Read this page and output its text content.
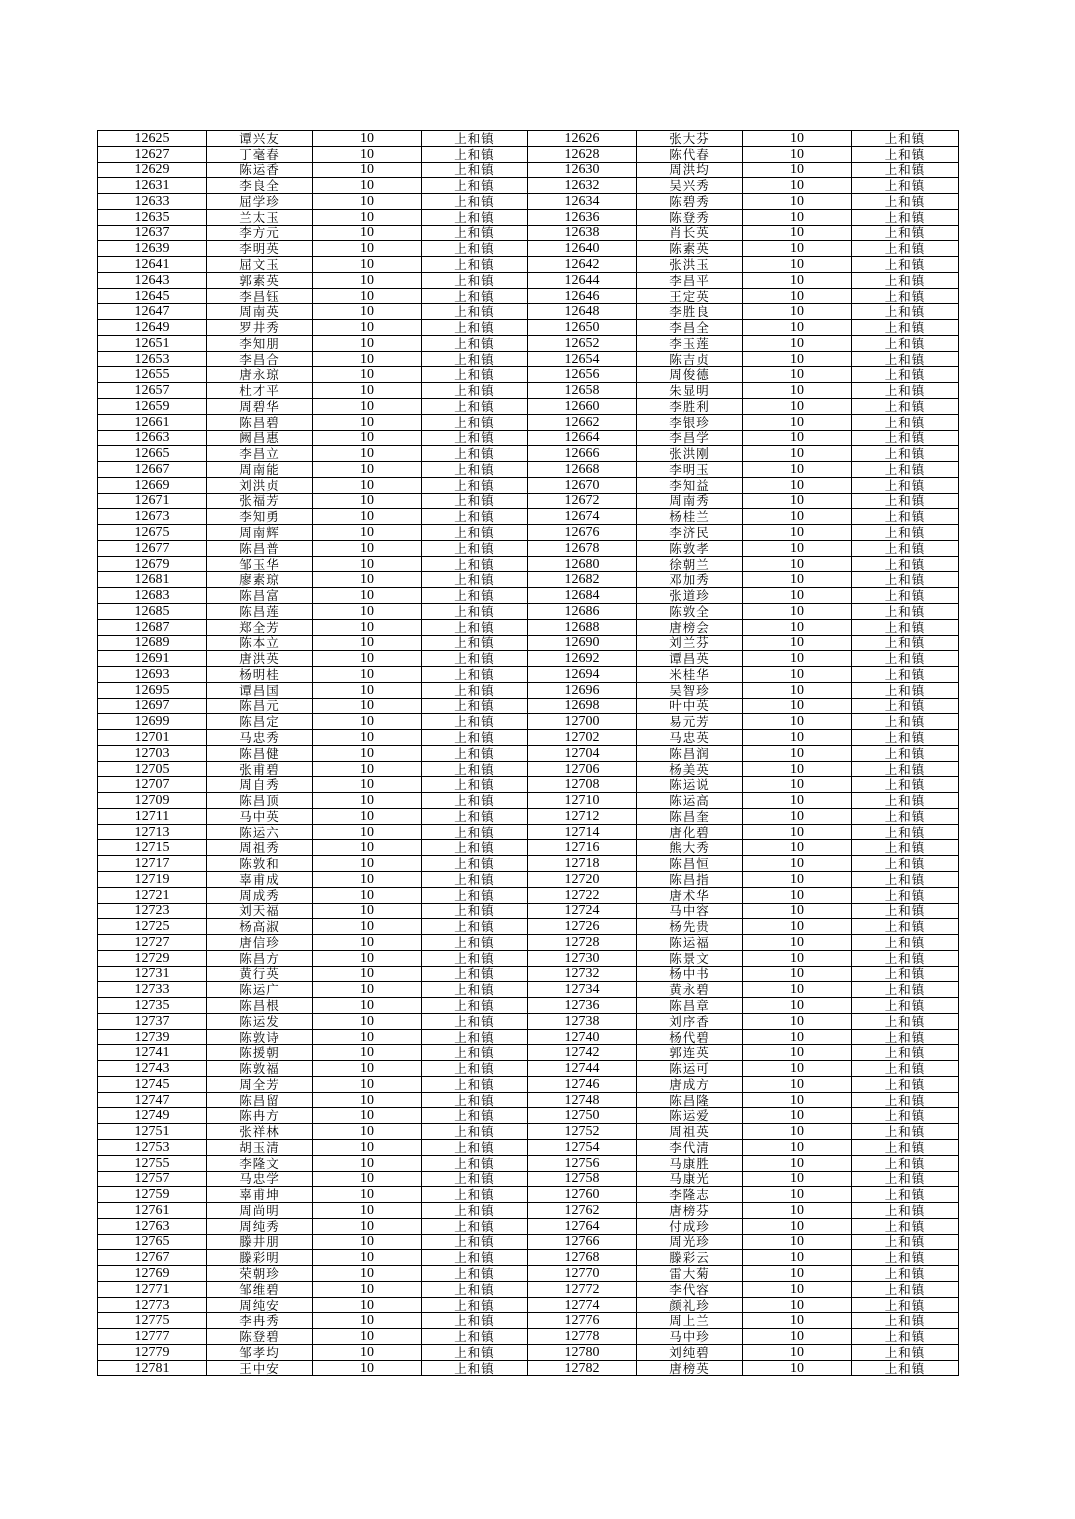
12625	谭兴友	10	上和镇	12626	张大芬	10	上和镇
12627	丁毫春	10	上和镇	12628	陈代春	10	上和镇
12629	陈运香	10	上和镇	12630	周洪均	10	上和镇
12631	李良全	10	上和镇	12632	吴兴秀	10	上和镇
12633	屈学珍	10	上和镇	12634	陈碧秀	10	上和镇
12635	兰太玉	10	上和镇	12636	陈登秀	10	上和镇
12637	李方元	10	上和镇	12638	肖长英	10	上和镇
12639	李明英	10	上和镇	12640	陈素英	10	上和镇
12641	屈文玉	10	上和镇	12642	张洪玉	10	上和镇
12643	郭素英	10	上和镇	12644	李昌平	10	上和镇
12645	李昌钰	10	上和镇	12646	王定英	10	上和镇
12647	周南英	10	上和镇	12648	李胜良	10	上和镇
12649	罗井秀	10	上和镇	12650	李昌全	10	上和镇
12651	李知朋	10	上和镇	12652	李玉莲	10	上和镇
12653	李昌合	10	上和镇	12654	陈吉贞	10	上和镇
12655	唐永琼	10	上和镇	12656	周俊德	10	上和镇
12657	杜才平	10	上和镇	12658	朱显明	10	上和镇
12659	周碧华	10	上和镇	12660	李胜利	10	上和镇
12661	陈昌碧	10	上和镇	12662	李银珍	10	上和镇
12663	阙昌惠	10	上和镇	12664	李昌学	10	上和镇
12665	李昌立	10	上和镇	12666	张洪刚	10	上和镇
12667	周南能	10	上和镇	12668	李明玉	10	上和镇
12669	刘洪贞	10	上和镇	12670	李知益	10	上和镇
12671	张福芳	10	上和镇	12672	周南秀	10	上和镇
12673	李知勇	10	上和镇	12674	杨桂兰	10	上和镇
12675	周南辉	10	上和镇	12676	李济民	10	上和镇
12677	陈昌普	10	上和镇	12678	陈敦孝	10	上和镇
12679	邹玉华	10	上和镇	12680	徐朝兰	10	上和镇
12681	廖素琼	10	上和镇	12682	邓加秀	10	上和镇
12683	陈昌富	10	上和镇	12684	张道珍	10	上和镇
12685	陈昌莲	10	上和镇	12686	陈敦全	10	上和镇
12687	郑全芳	10	上和镇	12688	唐榜会	10	上和镇
12689	陈本立	10	上和镇	12690	刘兰芬	10	上和镇
12691	唐洪英	10	上和镇	12692	谭昌英	10	上和镇
12693	杨明桂	10	上和镇	12694	米桂华	10	上和镇
12695	谭昌国	10	上和镇	12696	吴智珍	10	上和镇
12697	陈昌元	10	上和镇	12698	叶中英	10	上和镇
12699	陈昌定	10	上和镇	12700	易元芳	10	上和镇
12701	马忠秀	10	上和镇	12702	马忠英	10	上和镇
12703	陈昌健	10	上和镇	12704	陈昌润	10	上和镇
12705	张甫碧	10	上和镇	12706	杨美英	10	上和镇
12707	周自秀	10	上和镇	12708	陈运说	10	上和镇
12709	陈昌顶	10	上和镇	12710	陈运高	10	上和镇
12711	马中英	10	上和镇	12712	陈昌奎	10	上和镇
12713	陈运六	10	上和镇	12714	唐化碧	10	上和镇
12715	周祖秀	10	上和镇	12716	熊大秀	10	上和镇
12717	陈敦和	10	上和镇	12718	陈昌恒	10	上和镇
12719	辜甫成	10	上和镇	12720	陈昌指	10	上和镇
12721	周成秀	10	上和镇	12722	唐术华	10	上和镇
12723	刘天福	10	上和镇	12724	马中容	10	上和镇
12725	杨高淑	10	上和镇	12726	杨先贵	10	上和镇
12727	唐信珍	10	上和镇	12728	陈运福	10	上和镇
12729	陈昌方	10	上和镇	12730	陈景文	10	上和镇
12731	黄行英	10	上和镇	12732	杨中书	10	上和镇
12733	陈运广	10	上和镇	12734	黄永碧	10	上和镇
12735	陈昌根	10	上和镇	12736	陈昌章	10	上和镇
12737	陈运发	10	上和镇	12738	刘序香	10	上和镇
12739	陈敦诗	10	上和镇	12740	杨代碧	10	上和镇
12741	陈援朝	10	上和镇	12742	郭连英	10	上和镇
12743	陈敦福	10	上和镇	12744	陈运可	10	上和镇
12745	周全芳	10	上和镇	12746	唐成方	10	上和镇
12747	陈昌留	10	上和镇	12748	陈昌隆	10	上和镇
12749	陈冉方	10	上和镇	12750	陈运爱	10	上和镇
12751	张祥林	10	上和镇	12752	周祖英	10	上和镇
12753	胡玉清	10	上和镇	12754	李代清	10	上和镇
12755	李隆文	10	上和镇	12756	马康胜	10	上和镇
12757	马忠学	10	上和镇	12758	马康光	10	上和镇
12759	辜甫坤	10	上和镇	12760	李隆志	10	上和镇
12761	周尚明	10	上和镇	12762	唐榜芬	10	上和镇
12763	周纯秀	10	上和镇	12764	付成珍	10	上和镇
12765	滕井朋	10	上和镇	12766	周光珍	10	上和镇
12767	滕彩明	10	上和镇	12768	滕彩云	10	上和镇
12769	荣朝珍	10	上和镇	12770	雷大菊	10	上和镇
12771	邹维碧	10	上和镇	12772	李代容	10	上和镇
12773	周纯安	10	上和镇	12774	颜礼珍	10	上和镇
12775	李冉秀	10	上和镇	12776	周上兰	10	上和镇
12777	陈登碧	10	上和镇	12778	马中珍	10	上和镇
12779	邹孝均	10	上和镇	12780	刘纯碧	10	上和镇
12781	王中安	10	上和镇	12782	唐榜英	10	上和镇
